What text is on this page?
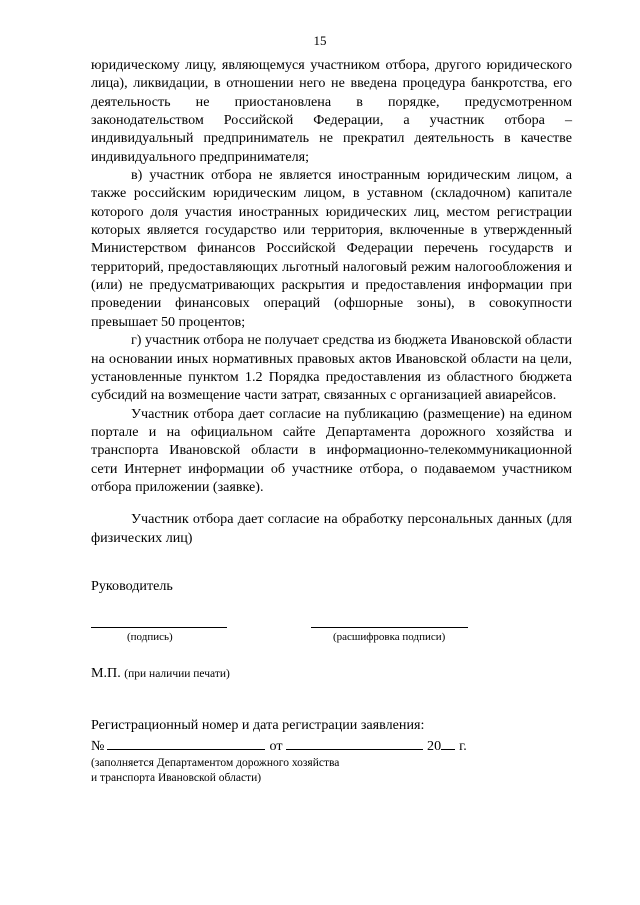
15

юридическому лицу, являющемуся участником отбора, другого юридического лица), ликвидации, в отношении него не введена процедура банкротства, его деятельность не приостановлена в порядке, предусмотренном законодательством Российской Федерации, а участник отбора – индивидуальный предприниматель не прекратил деятельность в качестве индивидуального предпринимателя;

в) участник отбора не является иностранным юридическим лицом, а также российским юридическим лицом, в уставном (складочном) капитале которого доля участия иностранных юридических лиц, местом регистрации которых является государство или территория, включенные в утвержденный Министерством финансов Российской Федерации перечень государств и территорий, предоставляющих льготный налоговый режим налогообложения и (или) не предусматривающих раскрытия и предоставления информации при проведении финансовых операций (офшорные зоны), в совокупности превышает 50 процентов;

г) участник отбора не получает средства из бюджета Ивановской области на основании иных нормативных правовых актов Ивановской области на цели, установленные пунктом 1.2 Порядка предоставления из областного бюджета субсидий на возмещение части затрат, связанных с организацией авиарейсов.

Участник отбора дает согласие на публикацию (размещение) на едином портале и на официальном сайте Департамента дорожного хозяйства и транспорта Ивановской области в информационно-телекоммуникационной сети Интернет информации об участнике отбора, о подаваемом участником отбора приложении (заявке).

Участник отбора дает согласие на обработку персональных данных (для физических лиц)

Руководитель
(подпись)	(расшифровка подписи)
М.П. (при наличии печати)
Регистрационный номер и дата регистрации заявления:
№	от	20 г.
(заполняется Департаментом дорожного хозяйства
и транспорта Ивановской области)
